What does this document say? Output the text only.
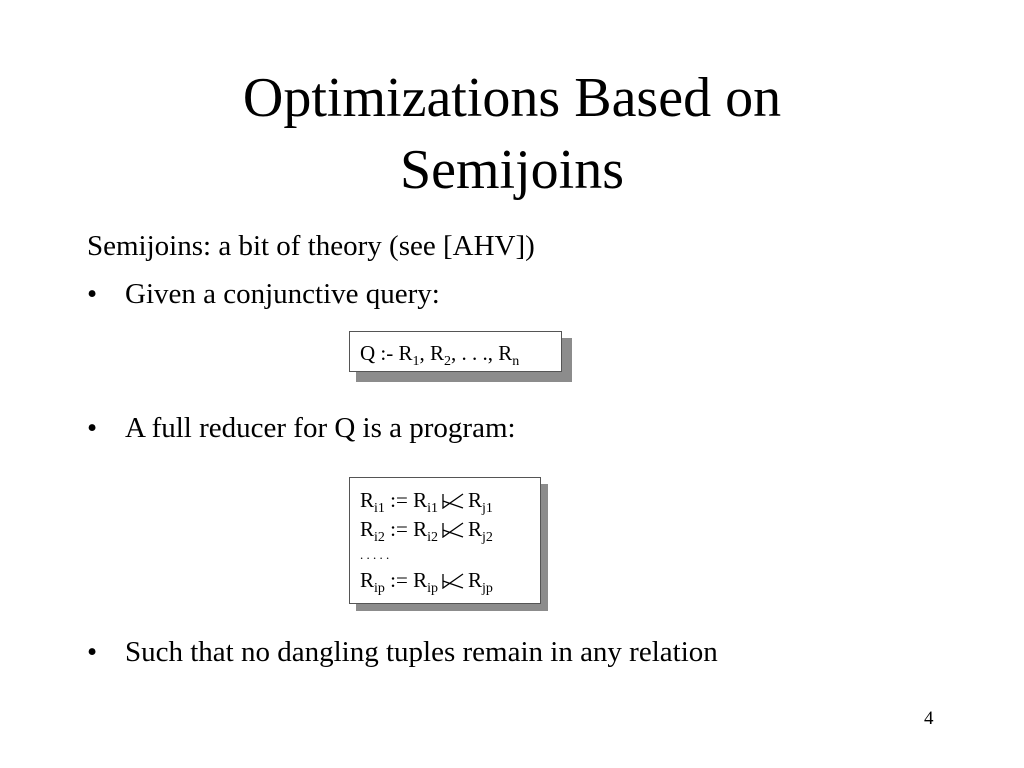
Optimizations Based on
Semijoins
Semijoins: a bit of theory (see [AHV])
• Given a conjunctive query:
Q :- $R_1$, $R_2$, . . ., $R_n$
• A full reducer for Q is a program:
$R_{i1}$ := $R_{i1}$ $R_{j1}$
$R_{i2}$ := $R_{i2}$ $R_{j2}$
. . . . .
$R_{ip}$ := $R_{ip}$ $R_{jp}$
• Such that no dangling tuples remain in any relation
4
